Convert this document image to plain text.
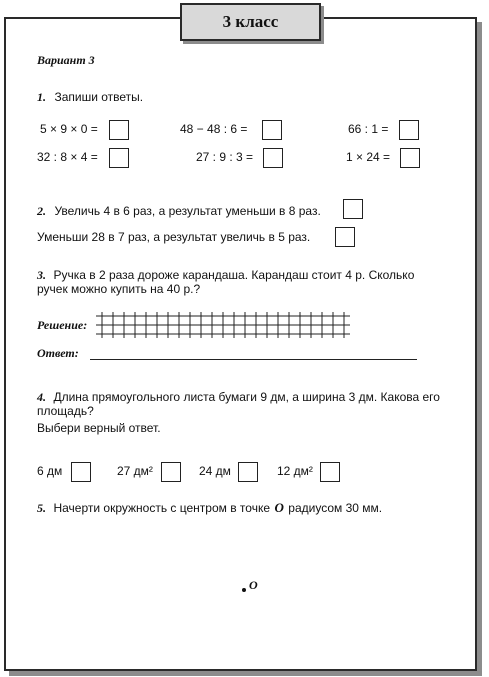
3 класс
Вариант 3
1. Запиши ответы.
5 × 9 × 0 =	48 − 48 : 6 =	66 : 1 =
32 : 8 × 4 =	27 : 9 : 3 =	1 × 24 =
2. Увеличь 4 в 6 раз, а результат уменьши в 8 раз.
Уменьши 28 в 7 раз, а результат увеличь в 5 раз.
3. Ручка в 2 раза дороже карандаша. Карандаш стоит 4 р. Сколько
ручек можно купить на 40 р.?
Решение:
Ответ:
4. Длина прямоугольного листа бумаги 9 дм, а ширина 3 дм. Какова его
площадь?
Выбери верный ответ.
6 дм	27 дм²	24 дм	12 дм²
5. Начерти окружность с центром в точке O радиусом 30 мм.
O
